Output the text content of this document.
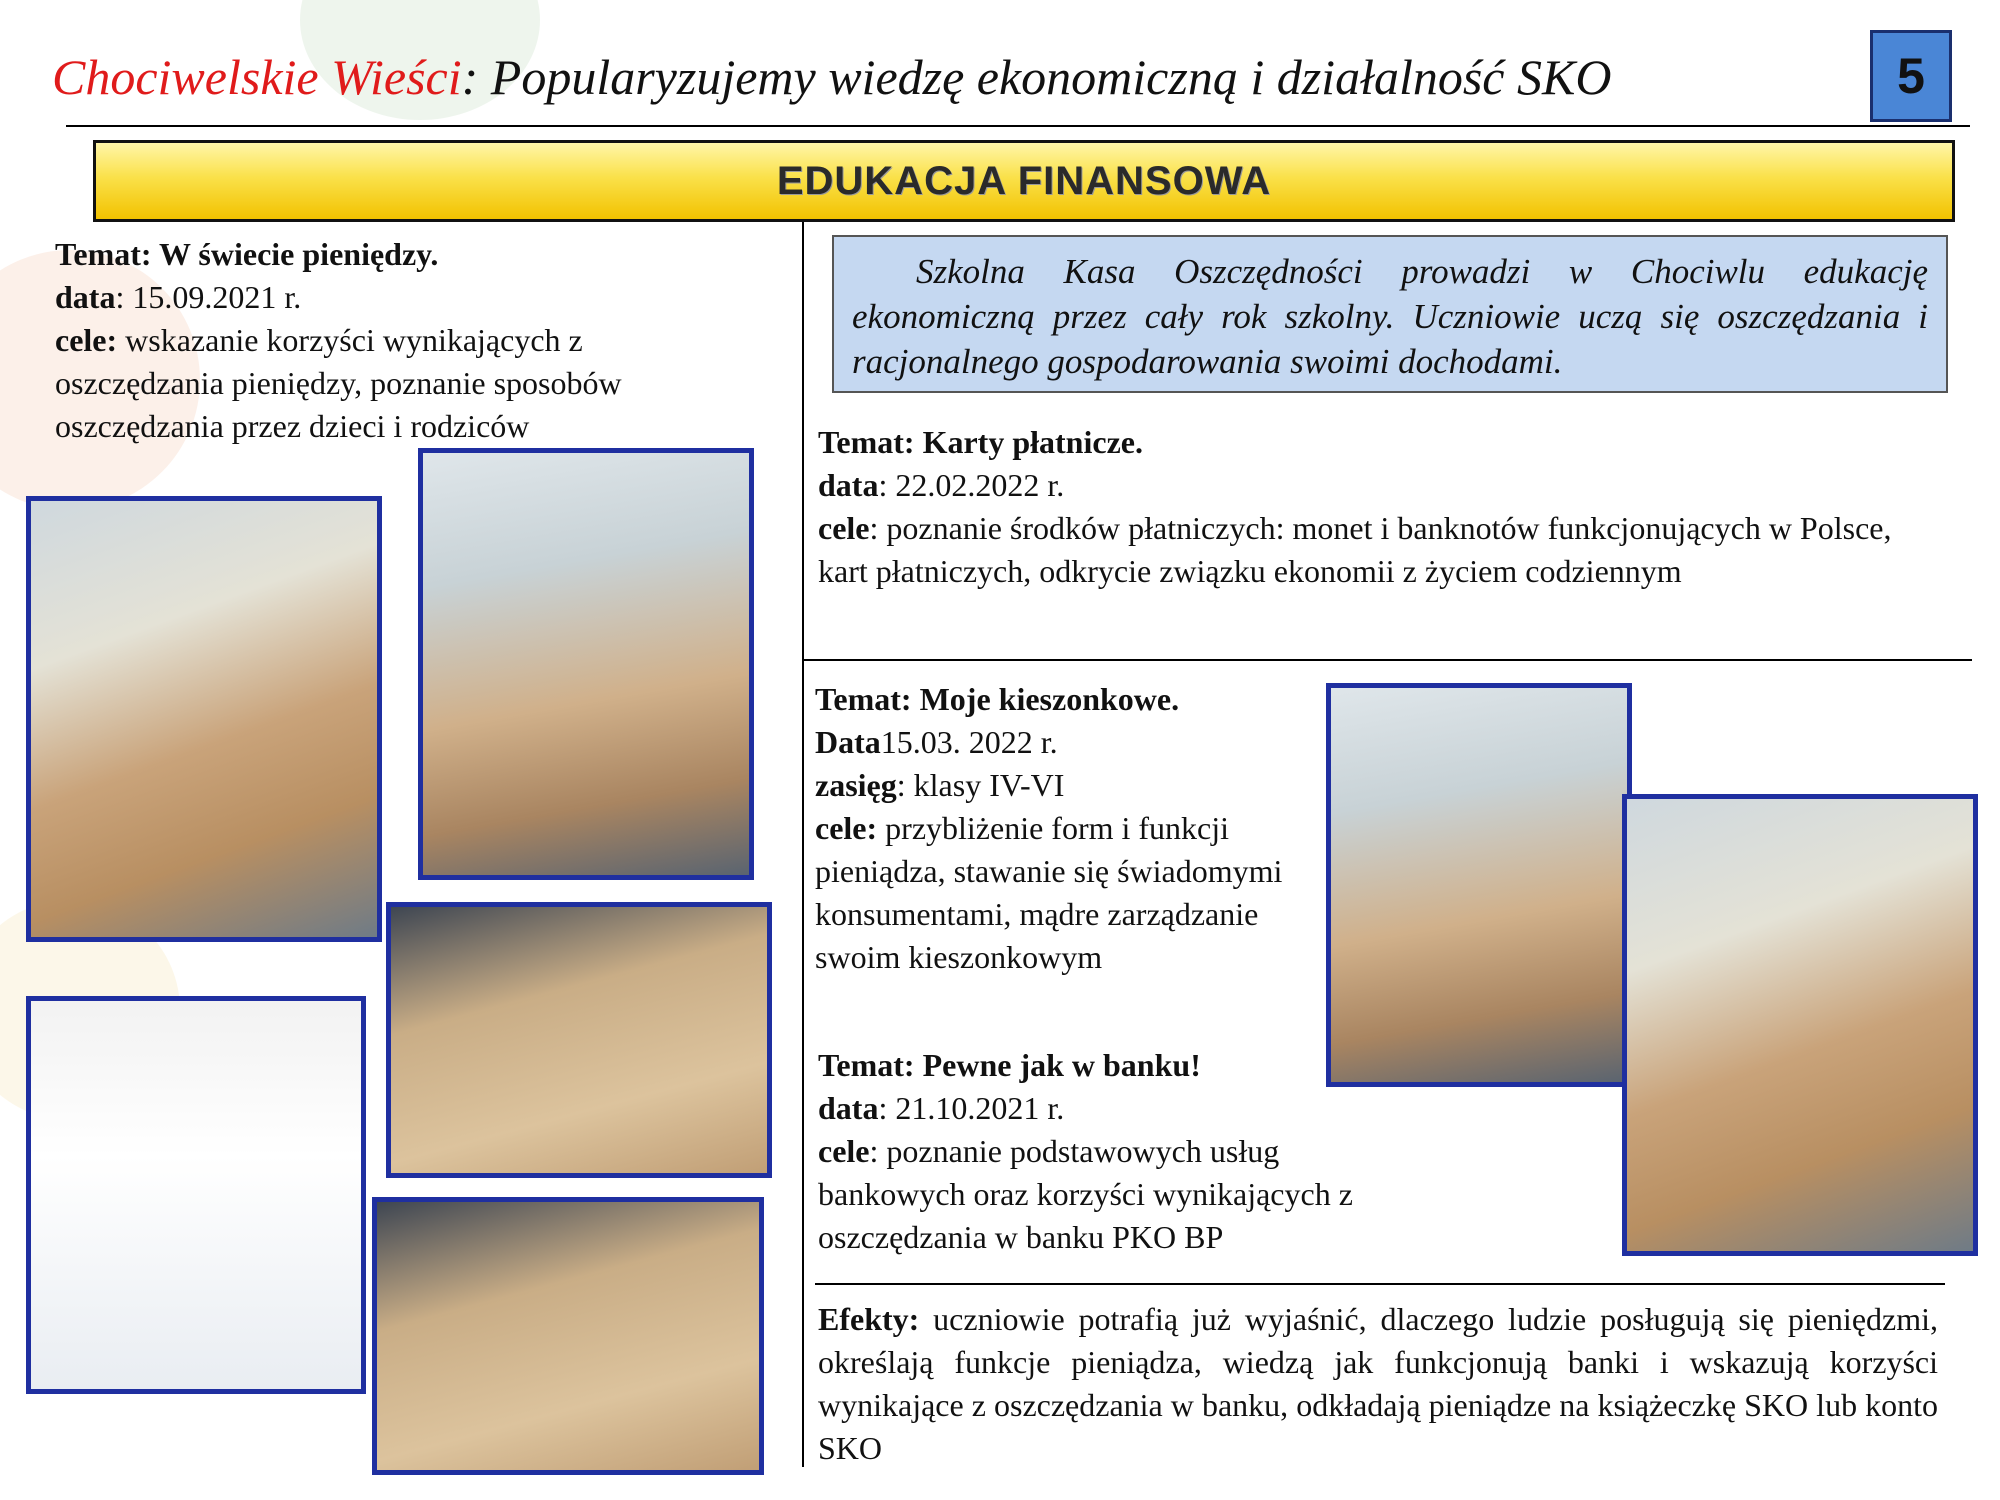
Chociwelskie Wieści: Popularyzujemy wiedzę ekonomiczną i działalność SKO	5
EDUKACJA FINANSOWA
Temat: W świecie pieniędzy.
data: 15.09.2021 r.
cele: wskazanie korzyści wynikających z oszczędzania pieniędzy, poznanie sposobów oszczędzania przez dzieci i rodziców
Szkolna Kasa Oszczędności prowadzi w Chociwlu edukację ekonomiczną przez cały rok szkolny. Uczniowie uczą się oszczędzania i racjonalnego gospodarowania swoimi dochodami.
Temat: Karty płatnicze.
data: 22.02.2022 r.
cele: poznanie środków płatniczych: monet i banknotów funkcjonujących w Polsce, kart płatniczych, odkrycie związku ekonomii z życiem codziennym
Temat: Moje kieszonkowe.
Data15.03. 2022 r.
zasięg: klasy IV-VI
cele: przybliżenie form i funkcji pieniądza, stawanie się świadomymi konsumentami, mądre zarządzanie swoim kieszonkowym
Temat: Pewne jak w banku!
data: 21.10.2021 r.
cele: poznanie podstawowych usług bankowych oraz korzyści wynikających z oszczędzania w banku PKO BP
Efekty: uczniowie potrafią już wyjaśnić, dlaczego ludzie posługują się pieniędzmi, określają funkcje pieniądza, wiedzą jak funkcjonują banki i wskazują korzyści wynikające z oszczędzania w banku, odkładają pieniądze na książeczkę SKO lub konto SKO
